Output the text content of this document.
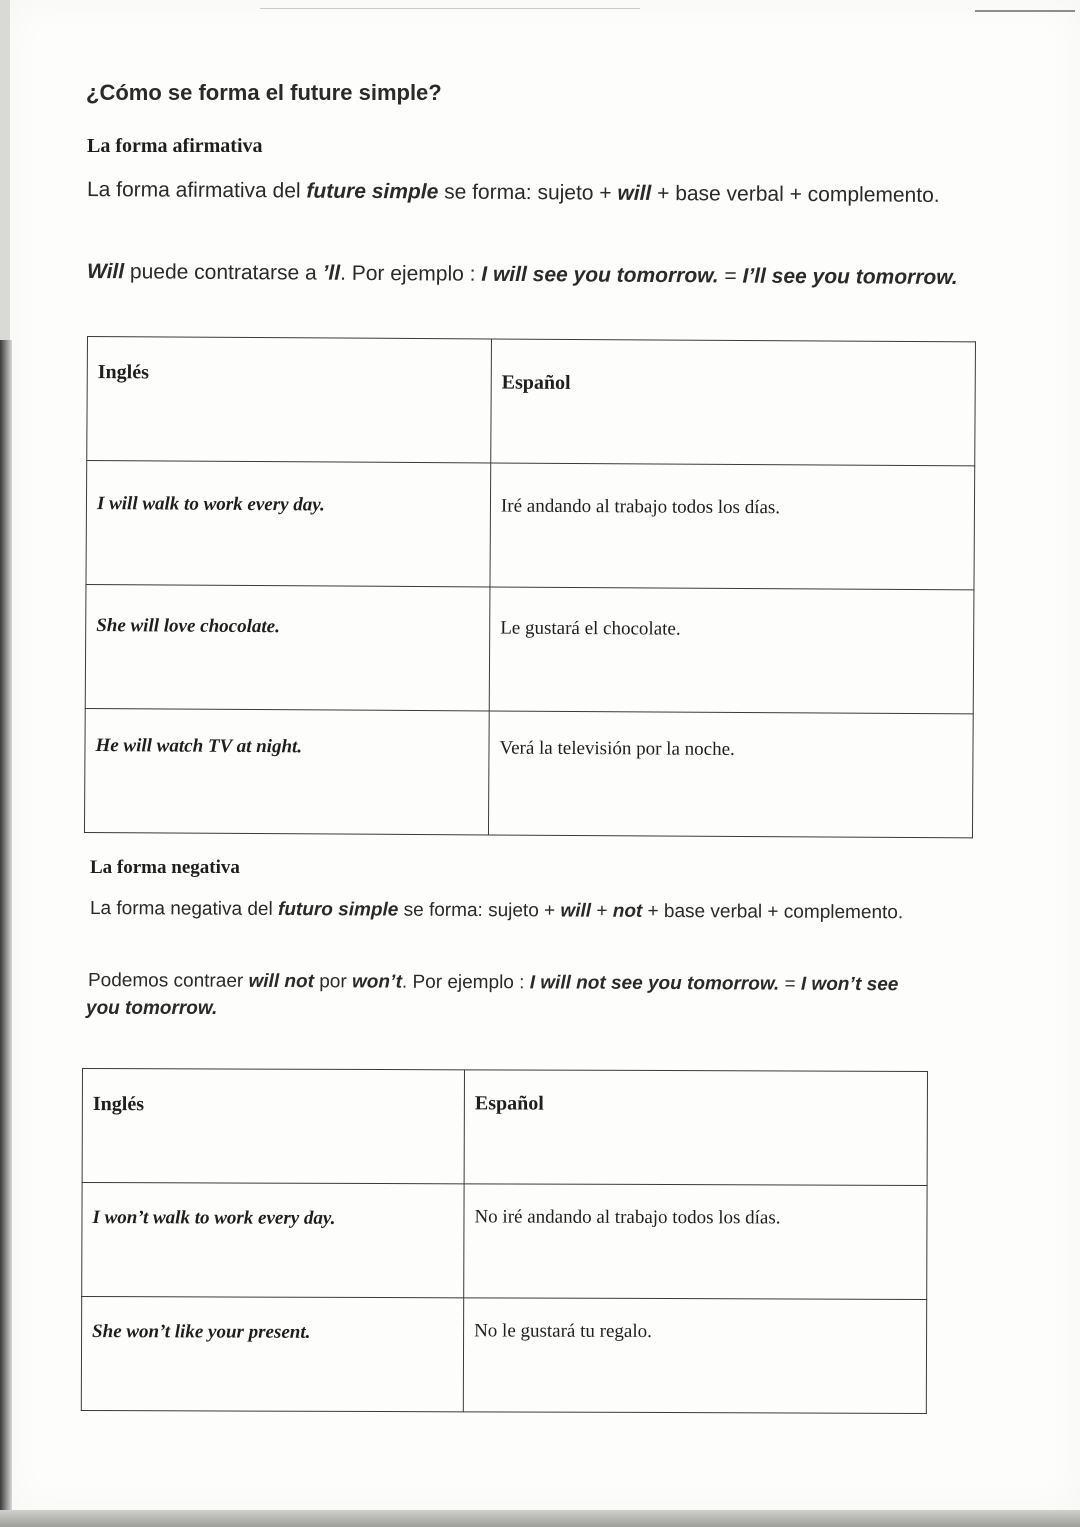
¿Cómo se forma el future simple?
La forma afirmativa
La forma afirmativa del future simple se forma: sujeto + will + base verbal + complemento.
Will puede contratarse a ’ll. Por ejemplo : I will see you tomorrow. = I’ll see you tomorrow.
Inglés	Español

I will walk to work every day.	Iré andando al trabajo todos los días.

She will love chocolate.	Le gustará el chocolate.

He will watch TV at night.	Verá la televisión por la noche.
La forma negativa
La forma negativa del futuro simple se forma: sujeto + will + not + base verbal + complemento.
Podemos contraer will not por won’t. Por ejemplo : I will not see you tomorrow. = I won’t see
you tomorrow.
Inglés	Español

I won’t walk to work every day.	No iré andando al trabajo todos los días.

She won’t like your present.	No le gustará tu regalo.
